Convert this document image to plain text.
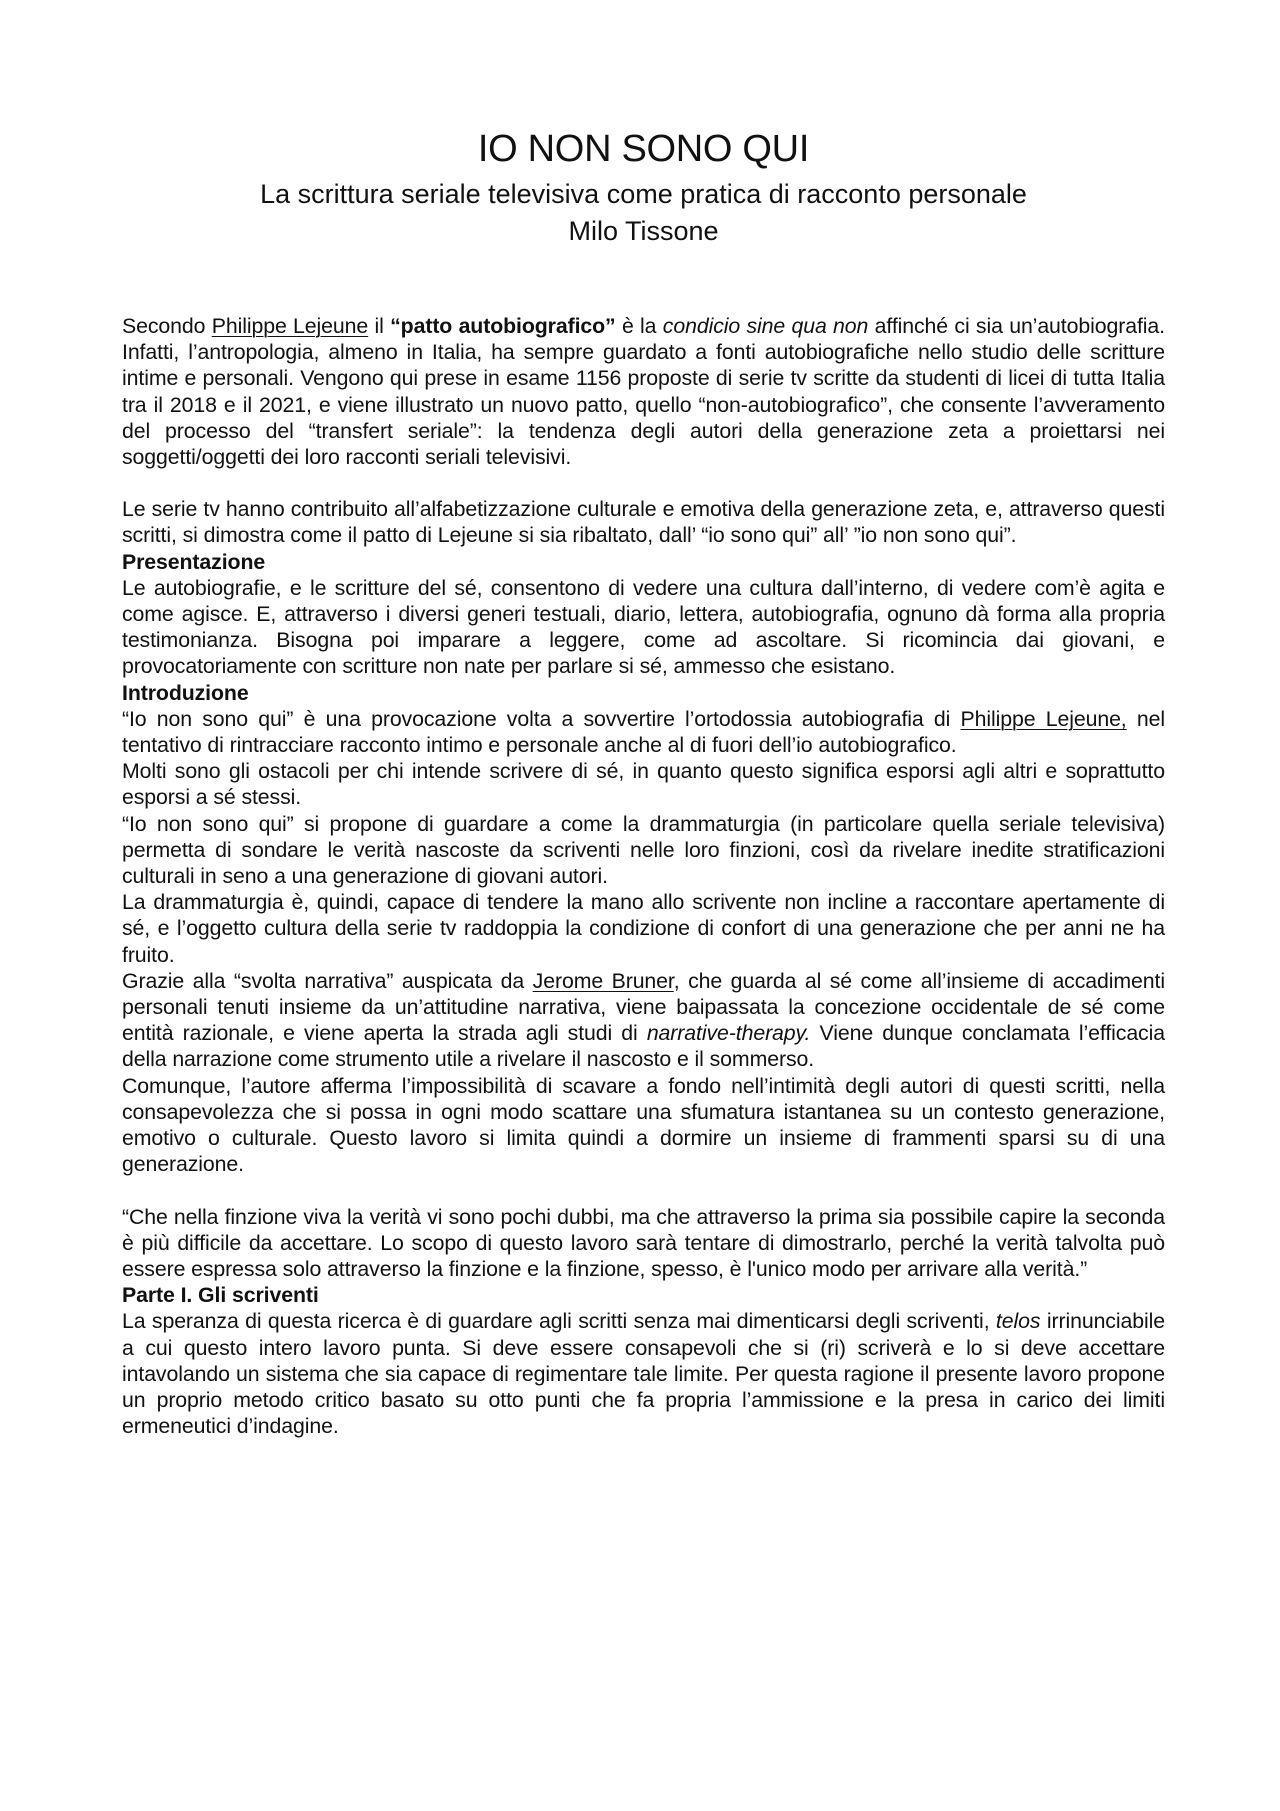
IO NON SONO QUI
La scrittura seriale televisiva come pratica di racconto personale
Milo Tissone

Secondo Philippe Lejeune il “patto autobiografico” è la condicio sine qua non affinché ci sia un’autobiografia. Infatti, l’antropologia, almeno in Italia, ha sempre guardato a fonti autobiografiche nello studio delle scritture intime e personali. Vengono qui prese in esame 1156 proposte di serie tv scritte da studenti di licei di tutta Italia tra il 2018 e il 2021, e viene illustrato un nuovo patto, quello “non-autobiografico”, che consente l’avveramento del processo del “transfert seriale”: la tendenza degli autori della generazione zeta a proiettarsi nei soggetti/oggetti dei loro racconti seriali televisivi.

Le serie tv hanno contribuito all’alfabetizzazione culturale e emotiva della generazione zeta, e, attraverso questi scritti, si dimostra come il patto di Lejeune si sia ribaltato, dall’ “io sono qui” all’ ”io non sono qui”.

Presentazione

Le autobiografie, e le scritture del sé, consentono di vedere una cultura dall’interno, di vedere com’è agita e come agisce. E, attraverso i diversi generi testuali, diario, lettera, autobiografia, ognuno dà forma alla propria testimonianza. Bisogna poi imparare a leggere, come ad ascoltare. Si ricomincia dai giovani, e provocatoriamente con scritture non nate per parlare si sé, ammesso che esistano.

Introduzione

“Io non sono qui” è una provocazione volta a sovvertire l’ortodossia autobiografia di Philippe Lejeune, nel tentativo di rintracciare racconto intimo e personale anche al di fuori dell’io autobiografico.

Molti sono gli ostacoli per chi intende scrivere di sé, in quanto questo significa esporsi agli altri e soprattutto esporsi a sé stessi.

“Io non sono qui” si propone di guardare a come la drammaturgia (in particolare quella seriale televisiva) permetta di sondare le verità nascoste da scriventi nelle loro finzioni, così da rivelare inedite stratificazioni culturali in seno a una generazione di giovani autori.

La drammaturgia è, quindi, capace di tendere la mano allo scrivente non incline a raccontare apertamente di sé, e l’oggetto cultura della serie tv raddoppia la condizione di confort di una generazione che per anni ne ha fruito.

Grazie alla “svolta narrativa” auspicata da Jerome Bruner, che guarda al sé come all’insieme di accadimenti personali tenuti insieme da un’attitudine narrativa, viene baipassata la concezione occidentale de sé come entità razionale, e viene aperta la strada agli studi di narrative-therapy. Viene dunque conclamata l’efficacia della narrazione come strumento utile a rivelare il nascosto e il sommerso.

Comunque, l’autore afferma l’impossibilità di scavare a fondo nell’intimità degli autori di questi scritti, nella consapevolezza che si possa in ogni modo scattare una sfumatura istantanea su un contesto generazione, emotivo o culturale. Questo lavoro si limita quindi a dormire un insieme di frammenti sparsi su di una generazione.

“Che nella finzione viva la verità vi sono pochi dubbi, ma che attraverso la prima sia possibile capire la seconda è più difficile da accettare. Lo scopo di questo lavoro sarà tentare di dimostrarlo, perché la verità talvolta può essere espressa solo attraverso la finzione e la finzione, spesso, è l'unico modo per arrivare alla verità.”

Parte I. Gli scriventi

La speranza di questa ricerca è di guardare agli scritti senza mai dimenticarsi degli scriventi, telos irrinunciabile a cui questo intero lavoro punta. Si deve essere consapevoli che si (ri) scriverà e lo si deve accettare intavolando un sistema che sia capace di regimentare tale limite. Per questa ragione il presente lavoro propone un proprio metodo critico basato su otto punti che fa propria l’ammissione e la presa in carico dei limiti ermeneutici d’indagine.
